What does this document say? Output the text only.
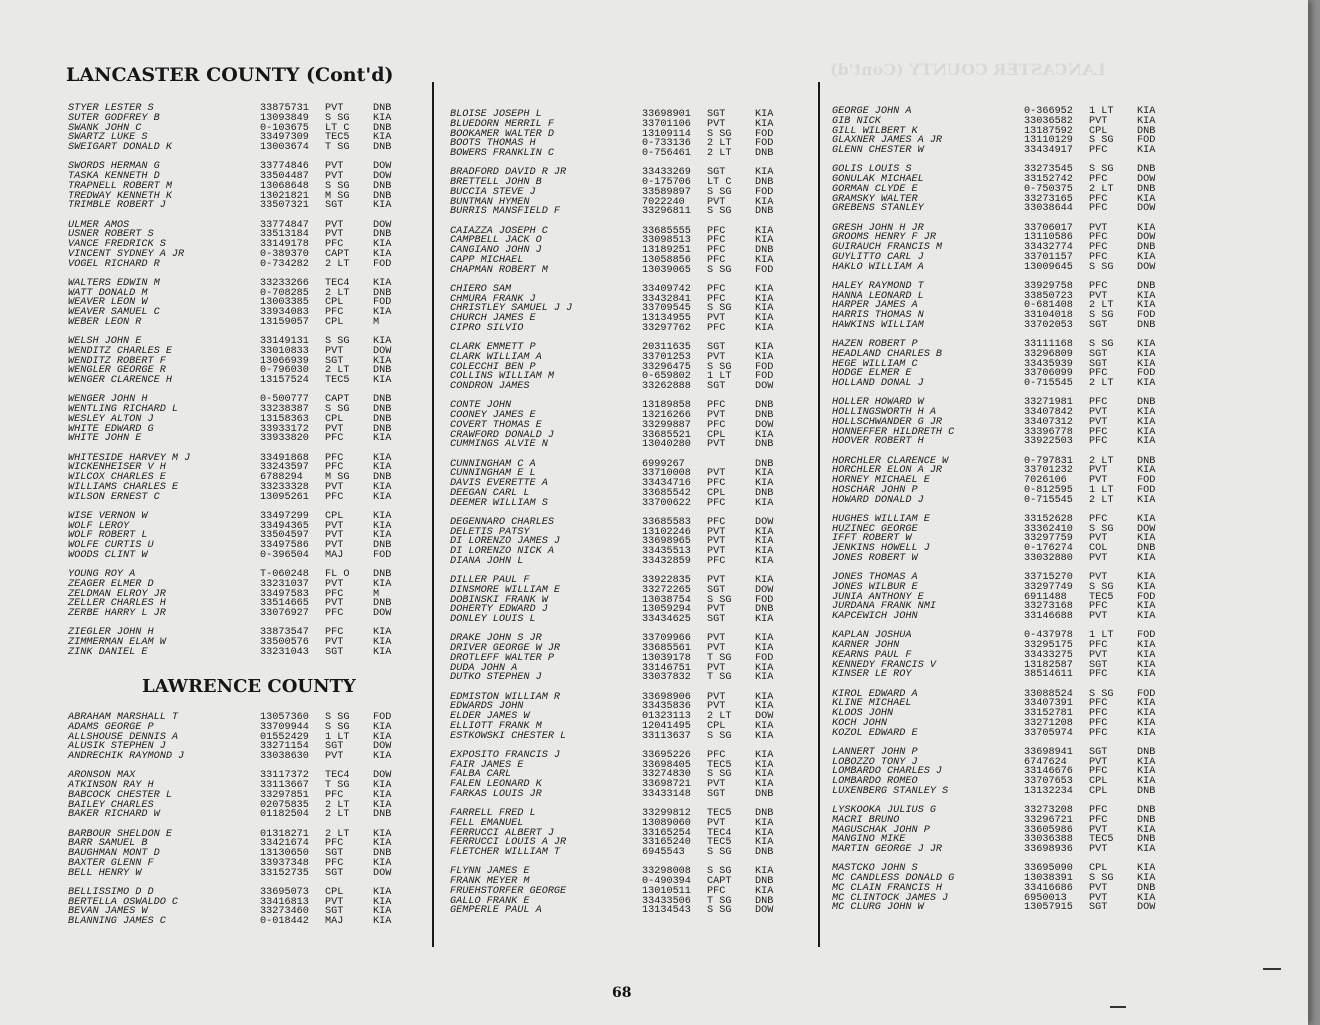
LANCASTER COUNTY (Cont'd)
LANCASTER COUNTY (Cont'd)
STYER LESTER S	33875731 PVT	DNB
SUTER GODFREY B	13093849 S SG KIA
SWANK JOHN C	0-103675 LT C DNB
SWARTZ LUKE S	33497309 TEC5 KIA
SWEIGART DONALD K	13003674 T SG DNB
SWORDS HERMAN G	33774846 PVT	DOW
TASKA KENNETH D	33504487 PVT	DOW
TRAPNELL ROBERT M	13068648 S SG DNB
TREDWAY KENNETH K	13021821 M SG DNB
TRIMBLE ROBERT J	33507321 SGT	KIA
ULMER AMOS	33774847 PVT	DOW
USNER ROBERT S	33513184 PVT	DNB
VANCE FREDRICK S	33149178 PFC	KIA
VINCENT SYDNEY A JR	0-389370 CAPT KIA
VOGEL RICHARD R	0-734282 2 LT FOD
WALTERS EDWIN M	33233266 TEC4 KIA
WATT DONALD M	0-708285 2 LT DNB
WEAVER LEON W	13003385 CPL	FOD
WEAVER SAMUEL C	33934083 PFC	KIA
WEBER LEON R	13159057 CPL	M
WELSH JOHN E	33149131 S SG KIA
WENDITZ CHARLES E	33010833 PVT	DOW
WENDITZ ROBERT F	13066939 SGT	KIA
WENGLER GEORGE R	0-796030 2 LT DNB
WENGER CLARENCE H	13157524 TEC5 KIA
WENGER JOHN H	0-500777 CAPT DNB
WENTLING RICHARD L	33238387 S SG DNB
WESLEY ALTON J	13158363 CPL	DNB
WHITE EDWARD G	33933172 PVT	DNB
WHITE JOHN E	33933820 PFC	KIA
WHITESIDE HARVEY M J	33491868 PFC	KIA
WICKENHEISER V H	33243597 PFC	KIA
WILCOX CHARLES E	6788294 M SG DNB
WILLIAMS CHARLES E	33233328 PVT	KIA
WILSON ERNEST C	13095261 PFC	KIA
WISE VERNON W	33497299 CPL	KIA
WOLF LEROY	33494365 PVT	KIA
WOLF ROBERT L	33504597 PVT	KIA
WOLFE CURTIS U	33497586 PVT	DNB
WOODS CLINT W	0-396504 MAJ	FOD
YOUNG ROY A	T-060248 FL O DNB
ZEAGER ELMER D	33231037 PVT	KIA
ZELDMAN ELROY JR	33497583 PFC	M
ZELLER CHARLES H	33514665 PVT	DNB
ZERBE HARRY L JR	33076927 PFC	DOW
ZIEGLER JOHN H	33873547 PFC	KIA
ZIMMERMAN ELAM W	33500576 PVT	KIA
ZINK DANIEL E	33231043 SGT	KIA
LAWRENCE COUNTY
ABRAHAM MARSHALL T	13057360 S SG FOD
ADAMS GEORGE P	33709944 S SG KIA
ALLSHOUSE DENNIS A	01552429 1 LT KIA
ALUSIK STEPHEN J	33271154 SGT	DOW
ANDRECHIK RAYMOND J	33038630 PVT	KIA
ARONSON MAX	33117372 TEC4 DOW
ATKINSON RAY H	33113667 T SG KIA
BABCOCK CHESTER L	33297851 PFC	KIA
BAILEY CHARLES	02075835 2 LT KIA
BAKER RICHARD W	01182504 2 LT DNB
BARBOUR SHELDON E	01318271 2 LT KIA
BARR SAMUEL B	33421674 PFC	KIA
BAUGHMAN MONT D	13130650 SGT	DNB
BAXTER GLENN F	33937348 PFC	KIA
BELL HENRY W	33152735 SGT	DOW
BELLISSIMO D D	33695073 CPL	KIA
BERTELLA OSWALDO C	33416813 PVT	KIA
BEVAN JAMES W	33273460 SGT	KIA
BLANNING JAMES C	0-018442 MAJ	KIA
BLOISE JOSEPH L	33698901 SGT	KIA
BLUEDORN MERRIL F	33701106 PVT	KIA
BOOKAMER WALTER D	13109114 S SG FOD
BOOTS THOMAS H	0-733136 2 LT FOD
BOWERS FRANKLIN C	0-756461 2 LT DNB
BRADFORD DAVID R JR	33433269 SGT	KIA
BRETTELL JOHN B	0-175706 LT C DNB
BUCCIA STEVE J	33589897 S SG FOD
BUNTMAN HYMEN	7022240 PVT	KIA
BURRIS MANSFIELD F	33296811 S SG DNB
CAIAZZA JOSEPH C	33685555 PFC	KIA
CAMPBELL JACK O	33098513 PFC	KIA
CANGIANO JOHN J	13189251 PFC	DNB
CAPP MICHAEL	13058856 PFC	KIA
CHAPMAN ROBERT M	13039065 S SG FOD
CHIERO SAM	33409742 PFC	KIA
CHMURA FRANK J	33432841 PFC	KIA
CHRISTLEY SAMUEL J J	33709545 S SG KIA
CHURCH JAMES E	13134955 PVT	KIA
CIPRO SILVIO	33297762 PFC	KIA
CLARK EMMETT P	20311635 SGT	KIA
CLARK WILLIAM A	33701253 PVT	KIA
COLECCHI BEN P	33296475 S SG FOD
COLLINS WILLIAM M	0-659802 1 LT FOD
CONDRON JAMES	33262888 SGT	DOW
CONTE JOHN	13189858 PFC	DNB
COONEY JAMES E	13216266 PVT	DNB
COVERT THOMAS E	33299887 PFC	DOW
CRAWFORD DONALD J	33685521 CPL	KIA
CUMMINGS ALVIE N	13040280 PVT	DNB
CUNNINGHAM C A	6999267	DNB
CUNNINGHAM E L	33710008 PVT	KIA
DAVIS EVERETTE A	33434716 PFC	KIA
DEEGAN CARL L	33685542 CPL	DNB
DEEMER WILLIAM S	33700622 PFC	KIA
DEGENNARO CHARLES	33685583 PFC	DOW
DELETIS PATSY	13102246 PVT	KIA
DI LORENZO JAMES J	33698965 PVT	KIA
DI LORENZO NICK A	33435513 PVT	KIA
DIANA JOHN L	33432859 PFC	KIA
DILLER PAUL F	33922835 PVT	KIA
DINSMORE WILLIAM E	33272265 SGT	DOW
DOBINSKI FRANK W	13038754 S SG FOD
DOHERTY EDWARD J	13059294 PVT	DNB
DONLEY LOUIS L	33434625 SGT	KIA
DRAKE JOHN S JR	33709966 PVT	KIA
DRIVER GEORGE W JR	33685561 PVT	KIA
DROTLEFF WALTER P	13039178 T SG FOD
DUDA JOHN A	33146751 PVT	KIA
DUTKO STEPHEN J	33037832 T SG KIA
EDMISTON WILLIAM R	33698906 PVT	KIA
EDWARDS JOHN	33435836 PVT	KIA
ELDER JAMES W	01323113 2 LT DOW
ELLIOTT FRANK M	12041495 CPL	KIA
ESTKOWSKI CHESTER L	33113637 S SG KIA
EXPOSITO FRANCIS J	33695226 PFC	KIA
FAIR JAMES E	33698405 TEC5 KIA
FALBA CARL	33274830 S SG KIA
FALEN LEONARD K	33698721 PVT	KIA
FARKAS LOUIS JR	33433148 SGT	DNB
FARRELL FRED L	33299812 TEC5 DNB
FELL EMANUEL	13089060 PVT	KIA
FERRUCCI ALBERT J	33165254 TEC4 KIA
FERRUCCI LOUIS A JR	33165240 TEC5 KIA
FLETCHER WILLIAM T	6945543 S SG DNB
FLYNN JAMES E	33298008 S SG KIA
FRANK MEYER M	0-490394 CAPT DNB
FRUEHSTORFER GEORGE	13010511 PFC	KIA
GALLO FRANK E	33433506 T SG DNB
GEMPERLE PAUL A	13134543 S SG DOW
GEORGE JOHN A	0-366952 1 LT KIA
GIB NICK	33036582 PVT	KIA
GILL WILBERT K	13187592 CPL	DNB
GLAXNER JAMES A JR	13110129 S SG FOD
GLENN CHESTER W	33434917 PFC	KIA
GOLIS LOUIS S	33273545 S SG DNB
GONULAK MICHAEL	33152742 PFC	DOW
GORMAN CLYDE E	0-750375 2 LT DNB
GRAMSKY WALTER	33273165 PFC	KIA
GREBENS STANLEY	33038644 PFC	DOW
GRESH JOHN H JR	33706017 PVT	KIA
GROOMS HENRY F JR	13110586 PFC	DOW
GUIRAUCH FRANCIS M	33432774 PFC	DNB
GUYLITTO CARL J	33701157 PFC	KIA
HAKLO WILLIAM A	13009645 S SG DOW
HALEY RAYMOND T	33929758 PFC	DNB
HANNA LEONARD L	33850723 PVT	KIA
HARPER JAMES A	0-681408 2 LT KIA
HARRIS THOMAS N	33104018 S SG FOD
HAWKINS WILLIAM	33702053 SGT	DNB
HAZEN ROBERT P	33111168 S SG KIA
HEADLAND CHARLES B	33296809 SGT	KIA
HEGE WILLIAM C	33435939 SGT	KIA
HODGE ELMER E	33706099 PFC	FOD
HOLLAND DONAL J	0-715545 2 LT KIA
HOLLER HOWARD W	33271981 PFC	DNB
HOLLINGSWORTH H A	33407842 PVT	KIA
HOLLSCHWANDER G JR	33407312 PVT	KIA
HONNEFFER HILDRETH C	33396778 PFC	KIA
HOOVER ROBERT H	33922503 PFC	KIA
HORCHLER CLARENCE W	0-797831 2 LT DNB
HORCHLER ELON A JR	33701232 PVT	KIA
HORNEY MICHAEL E	7026106 PVT	FOD
HOSCHAR JOHN P	0-812595 1 LT FOD
HOWARD DONALD J	0-715545 2 LT KIA
HUGHES WILLIAM E	33152628 PFC	KIA
HUZINEC GEORGE	33362410 S SG DOW
IFFT ROBERT W	33297759 PVT	KIA
JENKINS HOWELL J	0-176274 COL	DNB
JONES ROBERT W	33032880 PVT	KIA
JONES THOMAS A	33715270 PVT	KIA
JONES WILBUR E	33297749 S SG KIA
JUNIA ANTHONY E	6911488 TEC5 FOD
JURDANA FRANK NMI	33273168 PFC	KIA
KAPCEWICH JOHN	33146688 PVT	KIA
KAPLAN JOSHUA	0-437978 1 LT FOD
KARNER JOHN	33295175 PFC	KIA
KEARNS PAUL F	33433275 PVT	KIA
KENNEDY FRANCIS V	13182587 SGT	KIA
KINSER LE ROY	38514611 PFC	KIA
KIROL EDWARD A	33088524 S SG FOD
KLINE MICHAEL	33407391 PFC	KIA
KLOOS JOHN	33152781 PFC	KIA
KOCH JOHN	33271208 PFC	KIA
KOZOL EDWARD E	33705974 PFC	KIA
LANNERT JOHN P	33698941 SGT	DNB
LOBOZZO TONY J	6747624 PVT	KIA
LOMBARDO CHARLES J	33146676 PFC	KIA
LOMBARDO ROMEO	33707653 CPL	KIA
LUXENBERG STANLEY S	13132234 CPL	DNB
LYSKOOKA JULIUS G	33273208 PFC	DNB
MACRI BRUNO	33296721 PFC	DNB
MAGUSCHAK JOHN P	33605986 PVT	KIA
MANGINO MIKE	33036388 TEC5 DNB
MARTIN GEORGE J JR	33698936 PVT	KIA
MASTCKO JOHN S	33695090 CPL	KIA
MC CANDLESS DONALD G	13038391 S SG KIA
MC CLAIN FRANCIS H	33416686 PVT	DNB
MC CLINTOCK JAMES J	6950013 PVT	KIA
MC CLURG JOHN W	13057915 SGT	DOW
68
